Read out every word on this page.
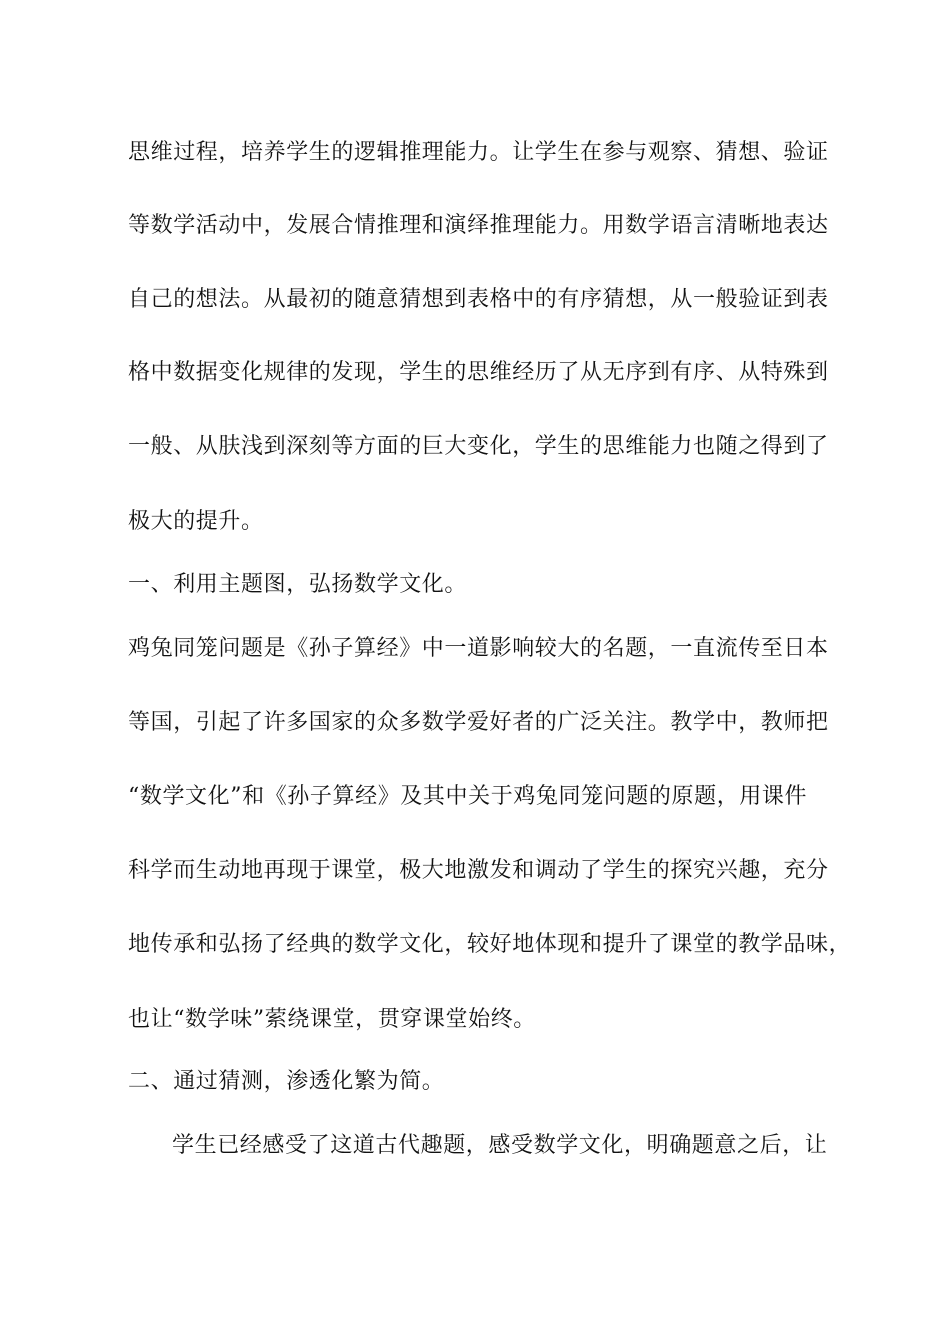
思维过程，培养学生的逻辑推理能力。让学生在参与观察、猜想、验证
等数学活动中，发展合情推理和演绎推理能力。用数学语言清晰地表达
自己的想法。从最初的随意猜想到表格中的有序猜想，从一般验证到表
格中数据变化规律的发现，学生的思维经历了从无序到有序、从特殊到
一般、从肤浅到深刻等方面的巨大变化，学生的思维能力也随之得到了
极大的提升。
一、利用主题图，弘扬数学文化。
鸡兔同笼问题是《孙子算经》中一道影响较大的名题，一直流传至日本
等国，引起了许多国家的众多数学爱好者的广泛关注。教学中，教师把
“数学文化”和《孙子算经》及其中关于鸡兔同笼问题的原题，用课件
科学而生动地再现于课堂，极大地激发和调动了学生的探究兴趣，充分
地传承和弘扬了经典的数学文化，较好地体现和提升了课堂的教学品味，
也让“数学味”萦绕课堂，贯穿课堂始终。
二、通过猜测，渗透化繁为简。
学生已经感受了这道古代趣题，感受数学文化，明确题意之后，让
